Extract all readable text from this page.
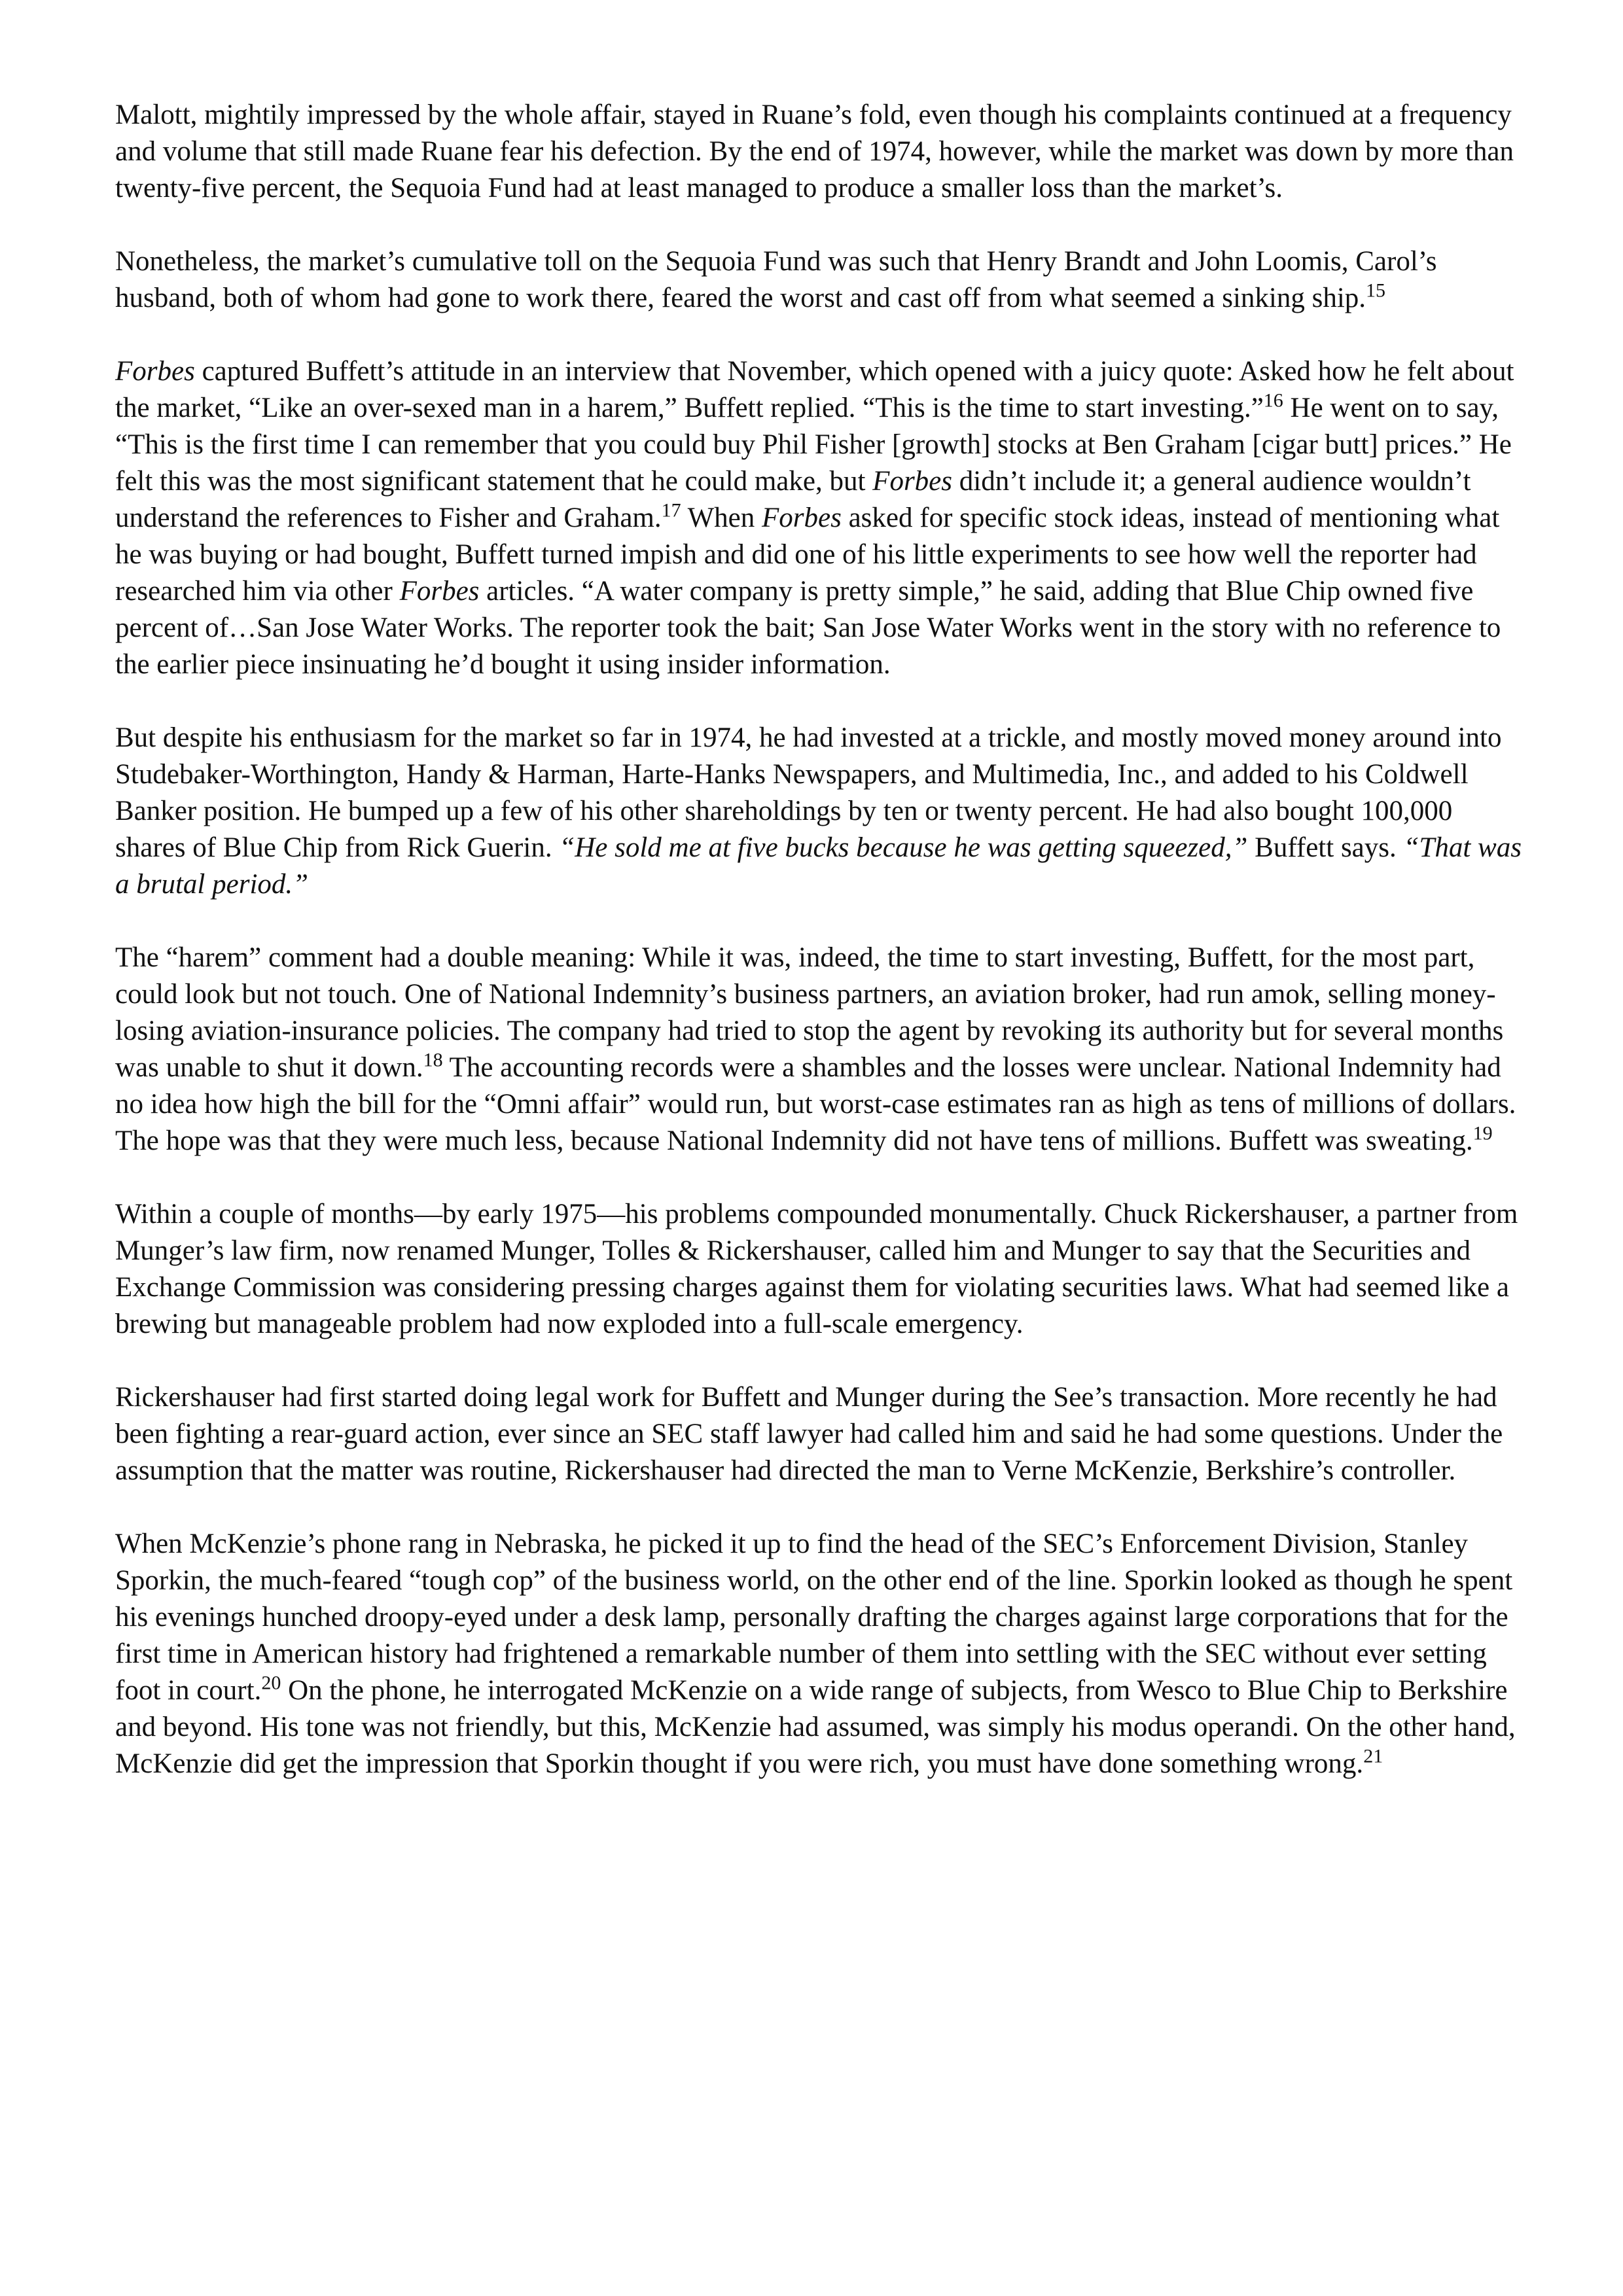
Malott, mightily impressed by the whole affair, stayed in Ruane’s fold, even though his complaints continued at a frequency and volume that still made Ruane fear his defection. By the end of 1974, however, while the market was down by more than twenty-five percent, the Sequoia Fund had at least managed to produce a smaller loss than the market’s.

Nonetheless, the market’s cumulative toll on the Sequoia Fund was such that Henry Brandt and John Loomis, Carol’s husband, both of whom had gone to work there, feared the worst and cast off from what seemed a sinking ship.$^{15}$

Forbes captured Buffett’s attitude in an interview that November, which opened with a juicy quote: Asked how he felt about the market, “Like an over-sexed man in a harem,” Buffett replied. “This is the time to start investing.”$^{16}$ He went on to say, “This is the first time I can remember that you could buy Phil Fisher [growth] stocks at Ben Graham [cigar butt] prices.” He felt this was the most significant statement that he could make, but Forbes didn’t include it; a general audience wouldn’t understand the references to Fisher and Graham.$^{17}$ When Forbes asked for specific stock ideas, instead of mentioning what he was buying or had bought, Buffett turned impish and did one of his little experiments to see how well the reporter had researched him via other Forbes articles. “A water company is pretty simple,” he said, adding that Blue Chip owned five percent of…San Jose Water Works. The reporter took the bait; San Jose Water Works went in the story with no reference to the earlier piece insinuating he’d bought it using insider information.

But despite his enthusiasm for the market so far in 1974, he had invested at a trickle, and mostly moved money around into Studebaker-Worthington, Handy & Harman, Harte-Hanks Newspapers, and Multimedia, Inc., and added to his Coldwell Banker position. He bumped up a few of his other shareholdings by ten or twenty percent. He had also bought 100,000 shares of Blue Chip from Rick Guerin. “He sold me at five bucks because he was getting squeezed,” Buffett says. “That was a brutal period.”

The “harem” comment had a double meaning: While it was, indeed, the time to start investing, Buffett, for the most part, could look but not touch. One of National Indemnity’s business partners, an aviation broker, had run amok, selling money-losing aviation-insurance policies. The company had tried to stop the agent by revoking its authority but for several months was unable to shut it down.$^{18}$ The accounting records were a shambles and the losses were unclear. National Indemnity had no idea how high the bill for the “Omni affair” would run, but worst-case estimates ran as high as tens of millions of dollars. The hope was that they were much less, because National Indemnity did not have tens of millions. Buffett was sweating.$^{19}$

Within a couple of months—by early 1975—his problems compounded monumentally. Chuck Rickershauser, a partner from Munger’s law firm, now renamed Munger, Tolles & Rickershauser, called him and Munger to say that the Securities and Exchange Commission was considering pressing charges against them for violating securities laws. What had seemed like a brewing but manageable problem had now exploded into a full-scale emergency.

Rickershauser had first started doing legal work for Buffett and Munger during the See’s transaction. More recently he had been fighting a rear-guard action, ever since an SEC staff lawyer had called him and said he had some questions. Under the assumption that the matter was routine, Rickershauser had directed the man to Verne McKenzie, Berkshire’s controller.

When McKenzie’s phone rang in Nebraska, he picked it up to find the head of the SEC’s Enforcement Division, Stanley Sporkin, the much-feared “tough cop” of the business world, on the other end of the line. Sporkin looked as though he spent his evenings hunched droopy-eyed under a desk lamp, personally drafting the charges against large corporations that for the first time in American history had frightened a remarkable number of them into settling with the SEC without ever setting foot in court.$^{20}$ On the phone, he interrogated McKenzie on a wide range of subjects, from Wesco to Blue Chip to Berkshire and beyond. His tone was not friendly, but this, McKenzie had assumed, was simply his modus operandi. On the other hand, McKenzie did get the impression that Sporkin thought if you were rich, you must have done something wrong.$^{21}$
